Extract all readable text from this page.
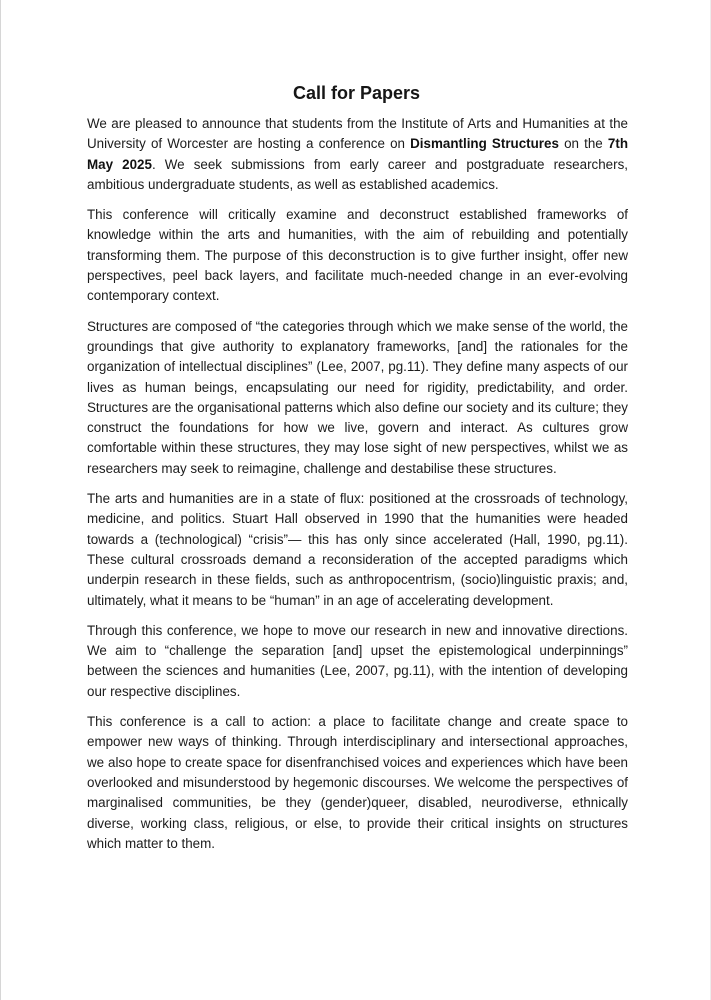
Call for Papers

We are pleased to announce that students from the Institute of Arts and Humanities at the University of Worcester are hosting a conference on Dismantling Structures on the 7th May 2025. We seek submissions from early career and postgraduate researchers, ambitious undergraduate students, as well as established academics.

This conference will critically examine and deconstruct established frameworks of knowledge within the arts and humanities, with the aim of rebuilding and potentially transforming them. The purpose of this deconstruction is to give further insight, offer new perspectives, peel back layers, and facilitate much-needed change in an ever-evolving contemporary context.

Structures are composed of “the categories through which we make sense of the world, the groundings that give authority to explanatory frameworks, [and] the rationales for the organization of intellectual disciplines” (Lee, 2007, pg.11). They define many aspects of our lives as human beings, encapsulating our need for rigidity, predictability, and order. Structures are the organisational patterns which also define our society and its culture; they construct the foundations for how we live, govern and interact. As cultures grow comfortable within these structures, they may lose sight of new perspectives, whilst we as researchers may seek to reimagine, challenge and destabilise these structures.

The arts and humanities are in a state of flux: positioned at the crossroads of technology, medicine, and politics. Stuart Hall observed in 1990 that the humanities were headed towards a (technological) “crisis”— this has only since accelerated (Hall, 1990, pg.11). These cultural crossroads demand a reconsideration of the accepted paradigms which underpin research in these fields, such as anthropocentrism, (socio)linguistic praxis; and, ultimately, what it means to be “human” in an age of accelerating development.

Through this conference, we hope to move our research in new and innovative directions. We aim to “challenge the separation [and] upset the epistemological underpinnings” between the sciences and humanities (Lee, 2007, pg.11), with the intention of developing our respective disciplines.

This conference is a call to action: a place to facilitate change and create space to empower new ways of thinking. Through interdisciplinary and intersectional approaches, we also hope to create space for disenfranchised voices and experiences which have been overlooked and misunderstood by hegemonic discourses. We welcome the perspectives of marginalised communities, be they (gender)queer, disabled, neurodiverse, ethnically diverse, working class, religious, or else, to provide their critical insights on structures which matter to them.
